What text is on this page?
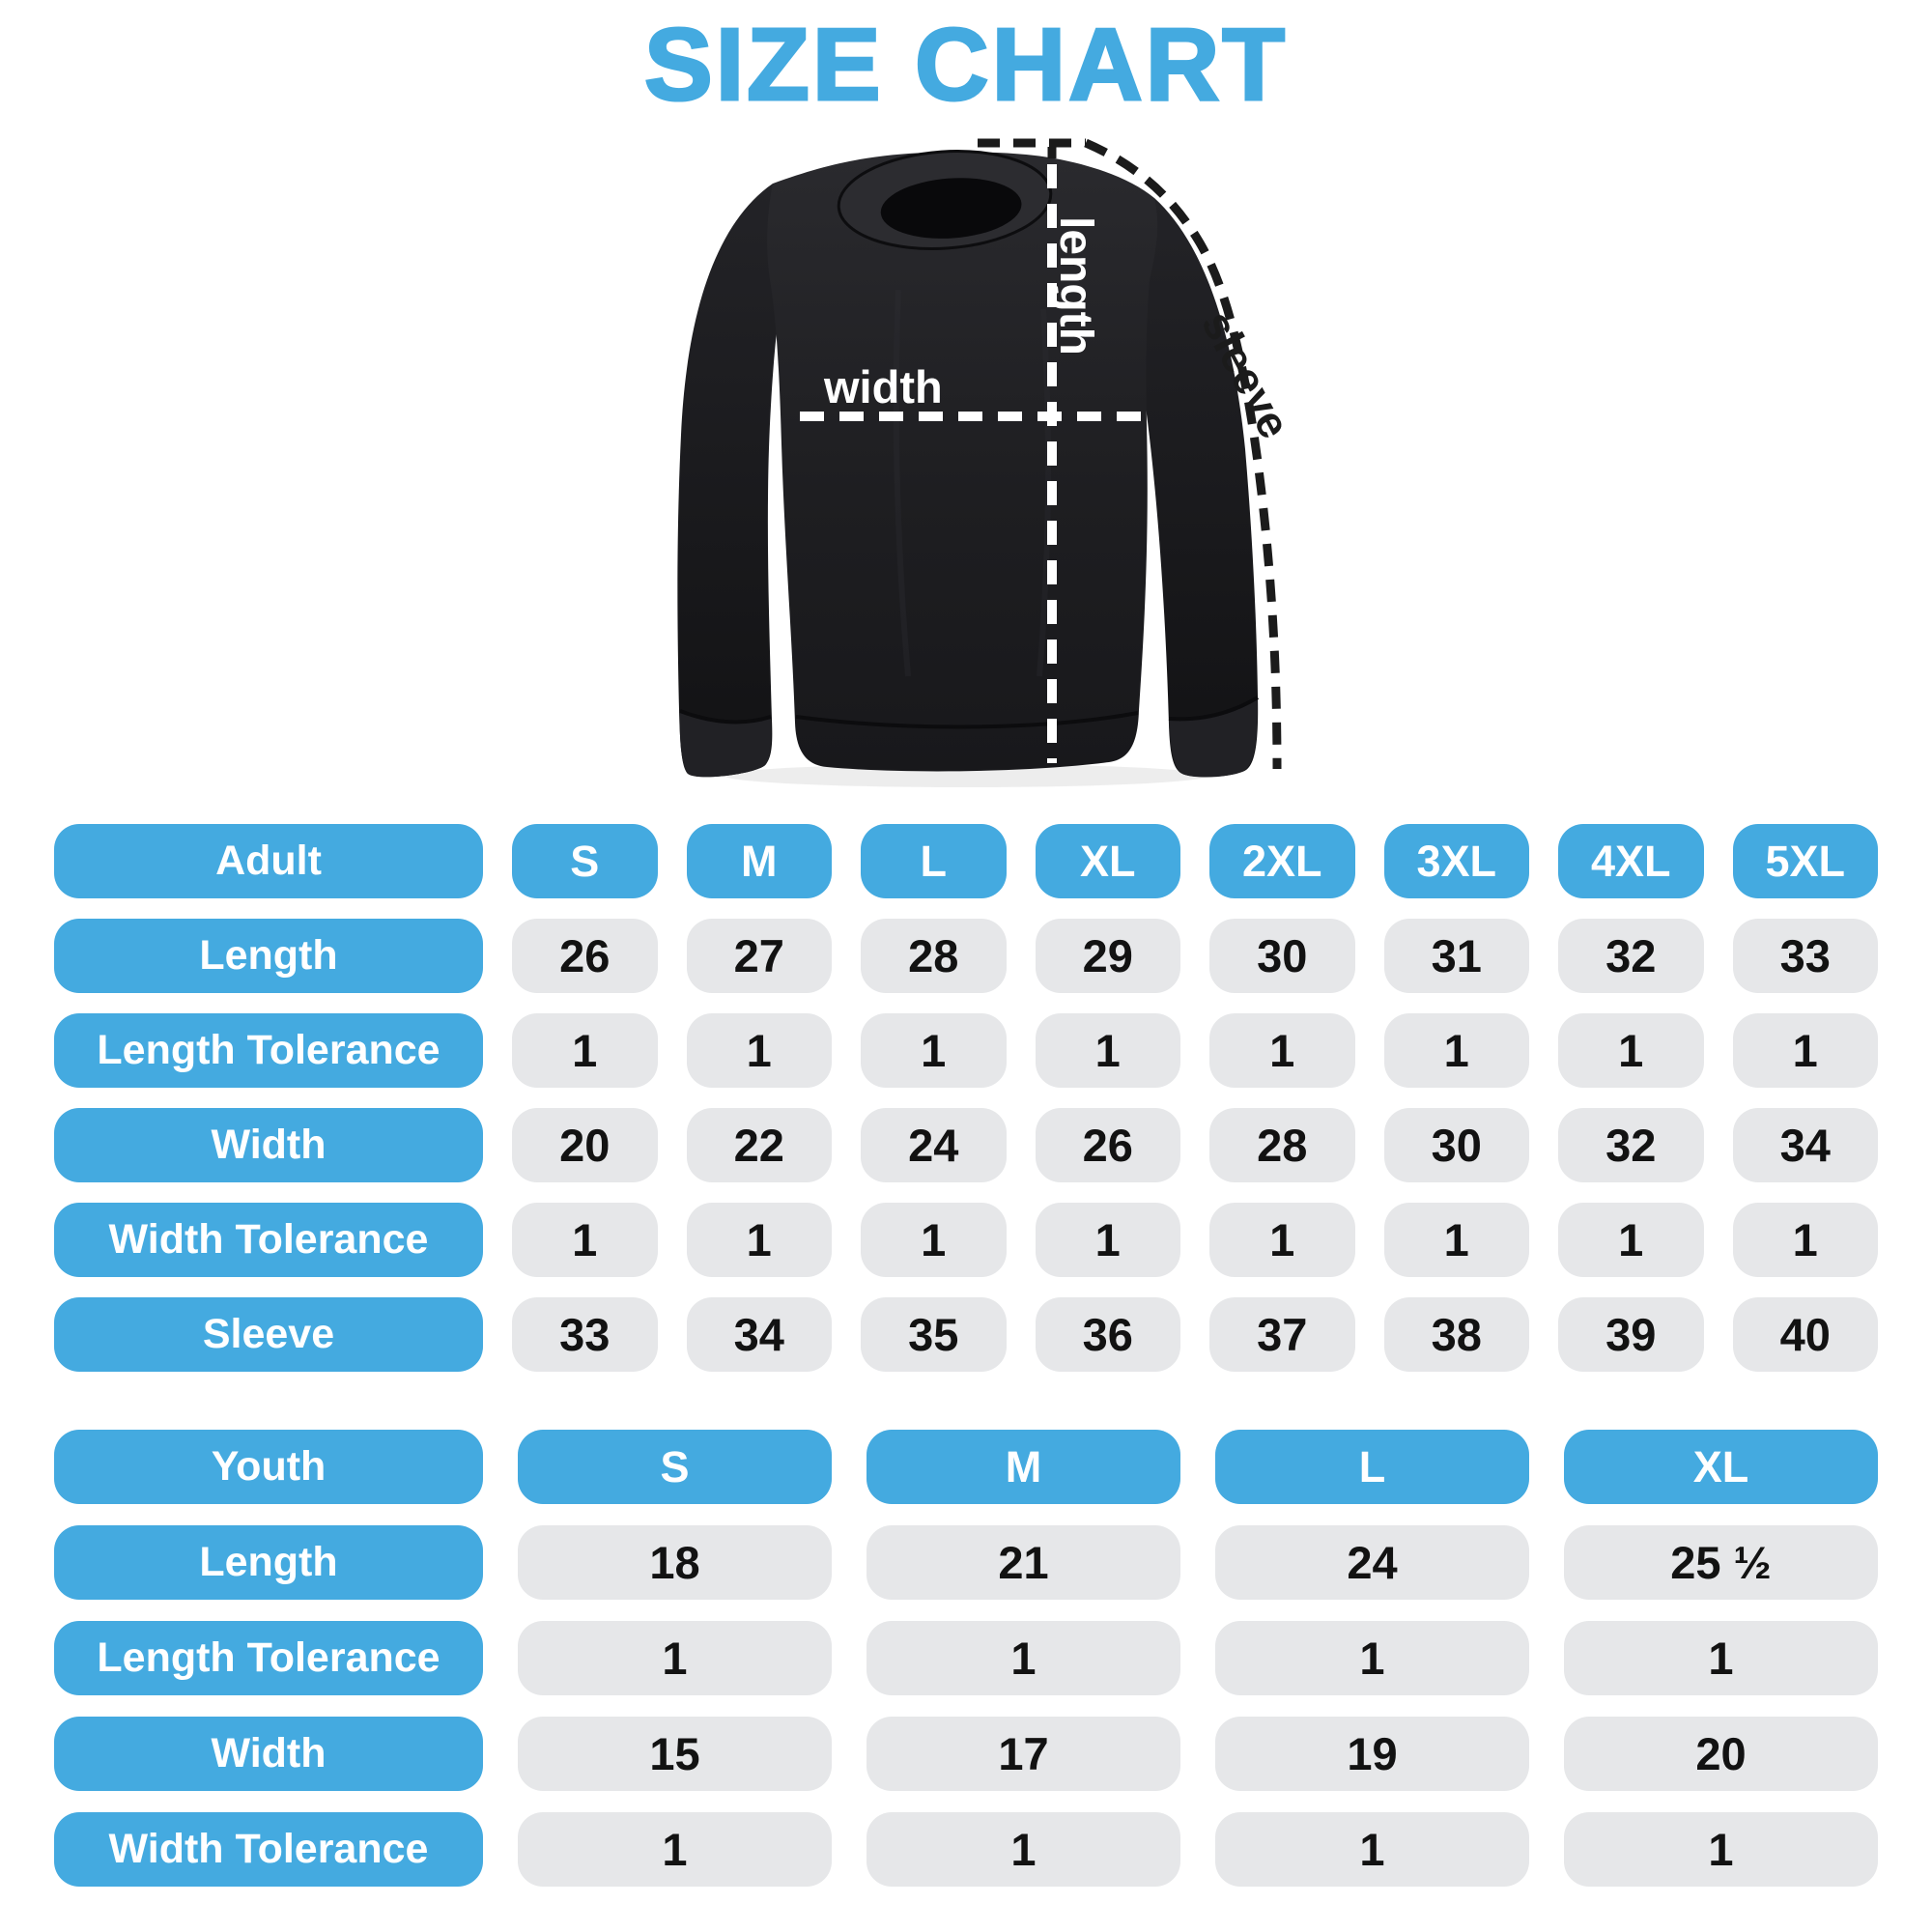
SIZE CHART
width
length
sleeve
Adult	S	M	L	XL	2XL	3XL	4XL	5XL
Length	26	27	28	29	30	31	32	33
Length Tolerance	1	1	1	1	1	1	1	1
Width	20	22	24	26	28	30	32	34
Width Tolerance	1	1	1	1	1	1	1	1
Sleeve	33	34	35	36	37	38	39	40
Youth	S	M	L	XL
Length	18	21	24	25 ½
Length Tolerance	1	1	1	1
Width	15	17	19	20
Width Tolerance	1	1	1	1
